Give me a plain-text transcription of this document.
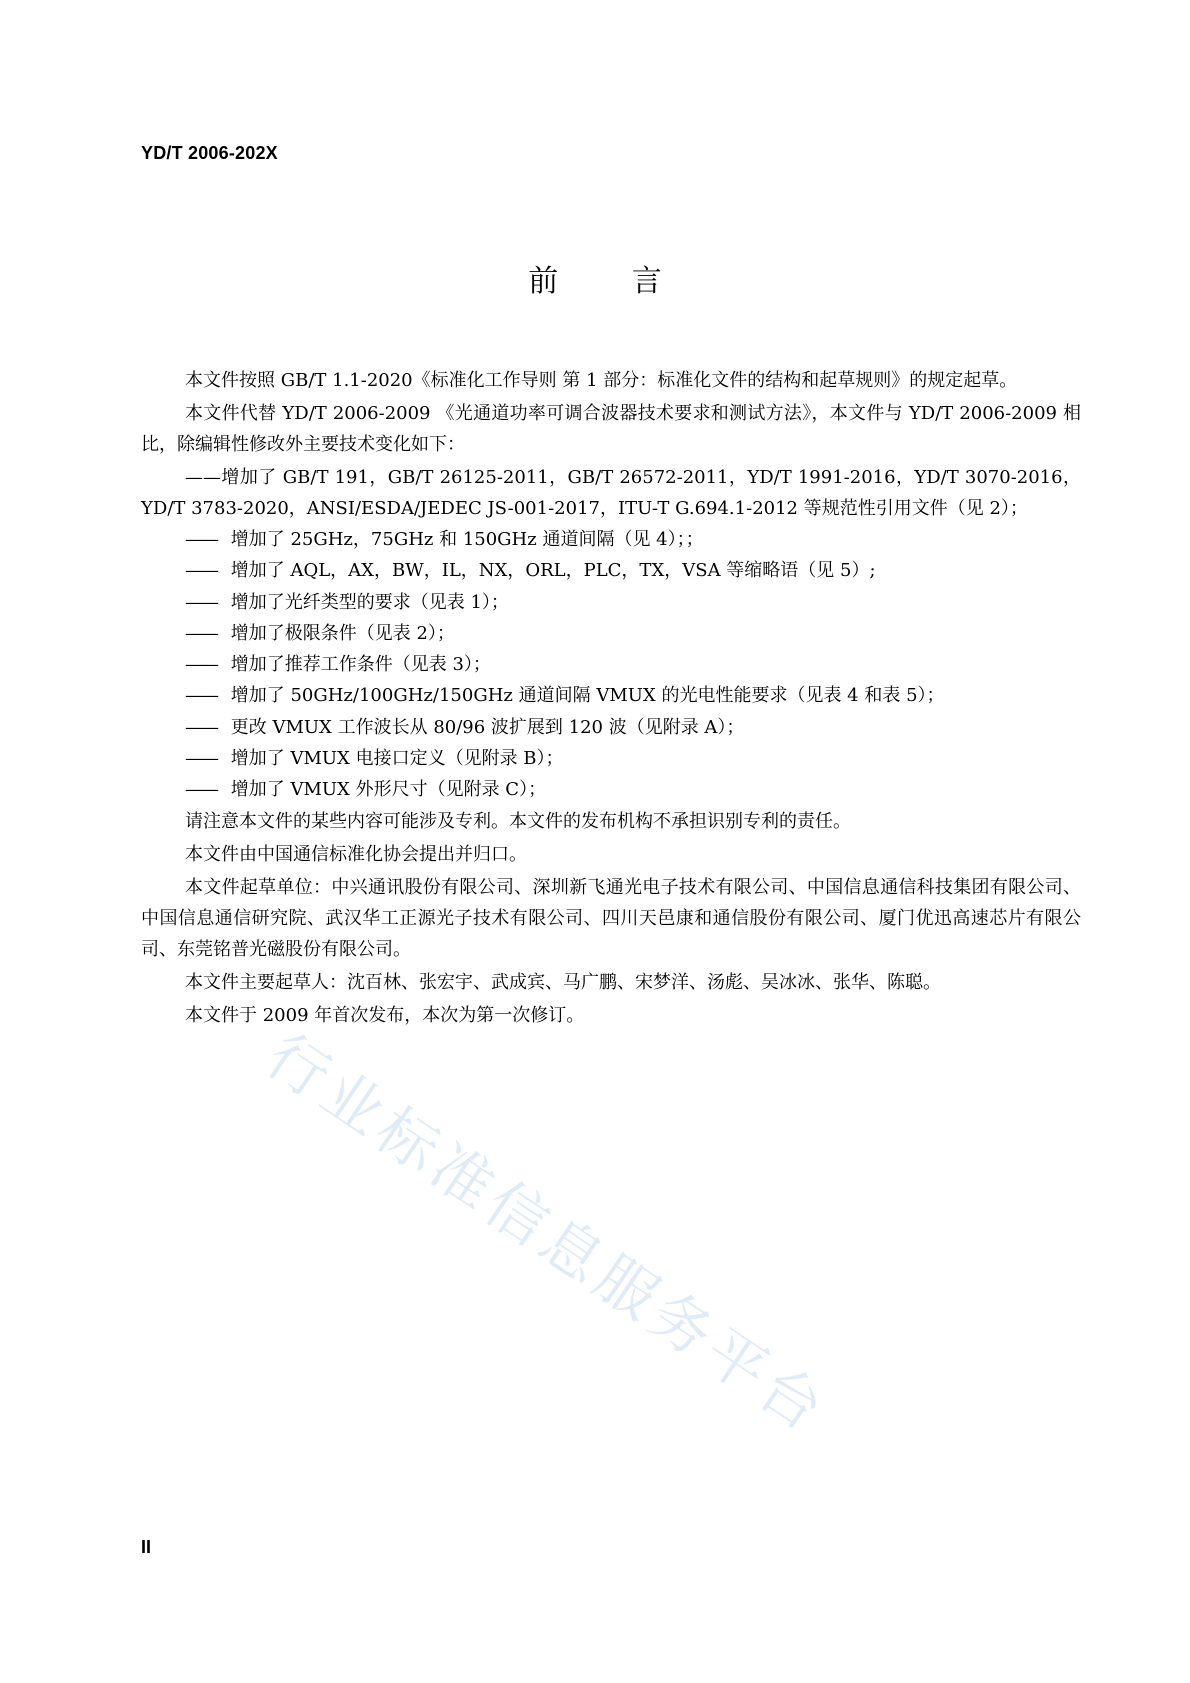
YD/T 2006-202X
前 言

本文件按照 GB/T 1.1-2020《标准化工作导则 第 1 部分：标准化文件的结构和起草规则》的规定起草。

本文件代替 YD/T 2006-2009 《光通道功率可调合波器技术要求和测试方法》，本文件与 YD/T 2006-2009 相比，除编辑性修改外主要技术变化如下：

——增加了 GB/T 191，GB/T 26125-2011，GB/T 26572-2011，YD/T 1991-2016，YD/T 3070-2016，YD/T 3783-2020，ANSI/ESDA/JEDEC JS-001-2017，ITU-T G.694.1-2012 等规范性引用文件（见 2）；

—— 增加了 25GHz，75GHz 和 150GHz 通道间隔（见 4）；；

—— 增加了 AQL，AX，BW，IL，NX，ORL，PLC，TX，VSA 等缩略语（见 5）;

—— 增加了光纤类型的要求（见表 1）；

—— 增加了极限条件（见表 2）；

—— 增加了推荐工作条件（见表 3）；

—— 增加了 50GHz/100GHz/150GHz 通道间隔 VMUX 的光电性能要求（见表 4 和表 5）；

—— 更改 VMUX 工作波长从 80/96 波扩展到 120 波（见附录 A）；

—— 增加了 VMUX 电接口定义（见附录 B）；

—— 增加了 VMUX 外形尺寸（见附录 C）；

请注意本文件的某些内容可能涉及专利。本文件的发布机构不承担识别专利的责任。

本文件由中国通信标准化协会提出并归口。

本文件起草单位：中兴通讯股份有限公司、深圳新飞通光电子技术有限公司、中国信息通信科技集团有限公司、中国信息通信研究院、武汉华工正源光子技术有限公司、四川天邑康和通信股份有限公司、厦门优迅高速芯片有限公司、东莞铭普光磁股份有限公司。

本文件主要起草人：沈百林、张宏宇、武成宾、马广鹏、宋梦洋、汤彪、吴冰冰、张华、陈聪。

本文件于 2009 年首次发布，本次为第一次修订。

II
行业标准信息服务平台
